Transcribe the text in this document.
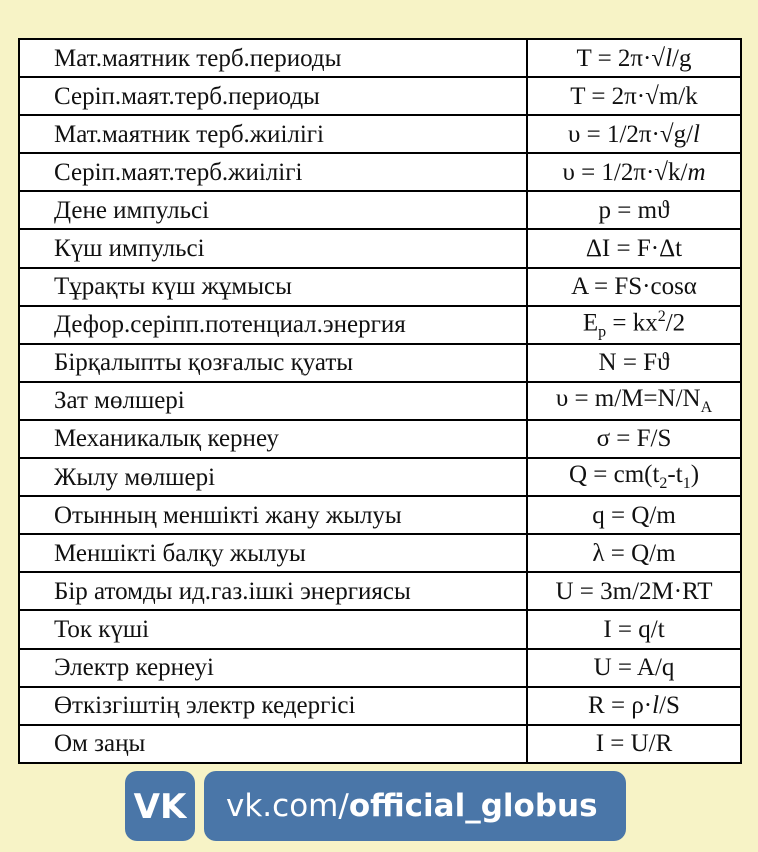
Мат.маятник терб.периоды	T = 2π·√l/g
Серіп.маят.терб.периоды	T = 2π·√m/k
Мат.маятник терб.жиілігі	υ = 1/2π·√g/l
Серіп.маят.терб.жиілігі	υ = 1/2π·√k/m
Дене импульсі	p = mϑ
Күш импульсі	ΔI = F·Δt
Тұрақты күш жұмысы	A = FS·cosα
Дефор.серіпп.потенциал.энергия	$E_р = kx^2/2$
Бірқалыпты қозғалыс қуаты	N = Fϑ
Зат мөлшері	$\upsilon = m/M=N/N_A$
Механикалық кернеу	σ = F/S
Жылу мөлшері	$Q = cm(t_2-t_1)$
Отынның меншікті жану жылуы	q = Q/m
Меншікті балқу жылуы	λ = Q/m
Бір атомды ид.газ.ішкі энергиясы	U = 3m/2M·RT
Ток күші	I = q/t
Электр кернеуі	U = A/q
Өткізгіштің электр кедергісі	R = ρ·l/S
Ом заңы	I = U/R
VK vk.com/ official_globus
